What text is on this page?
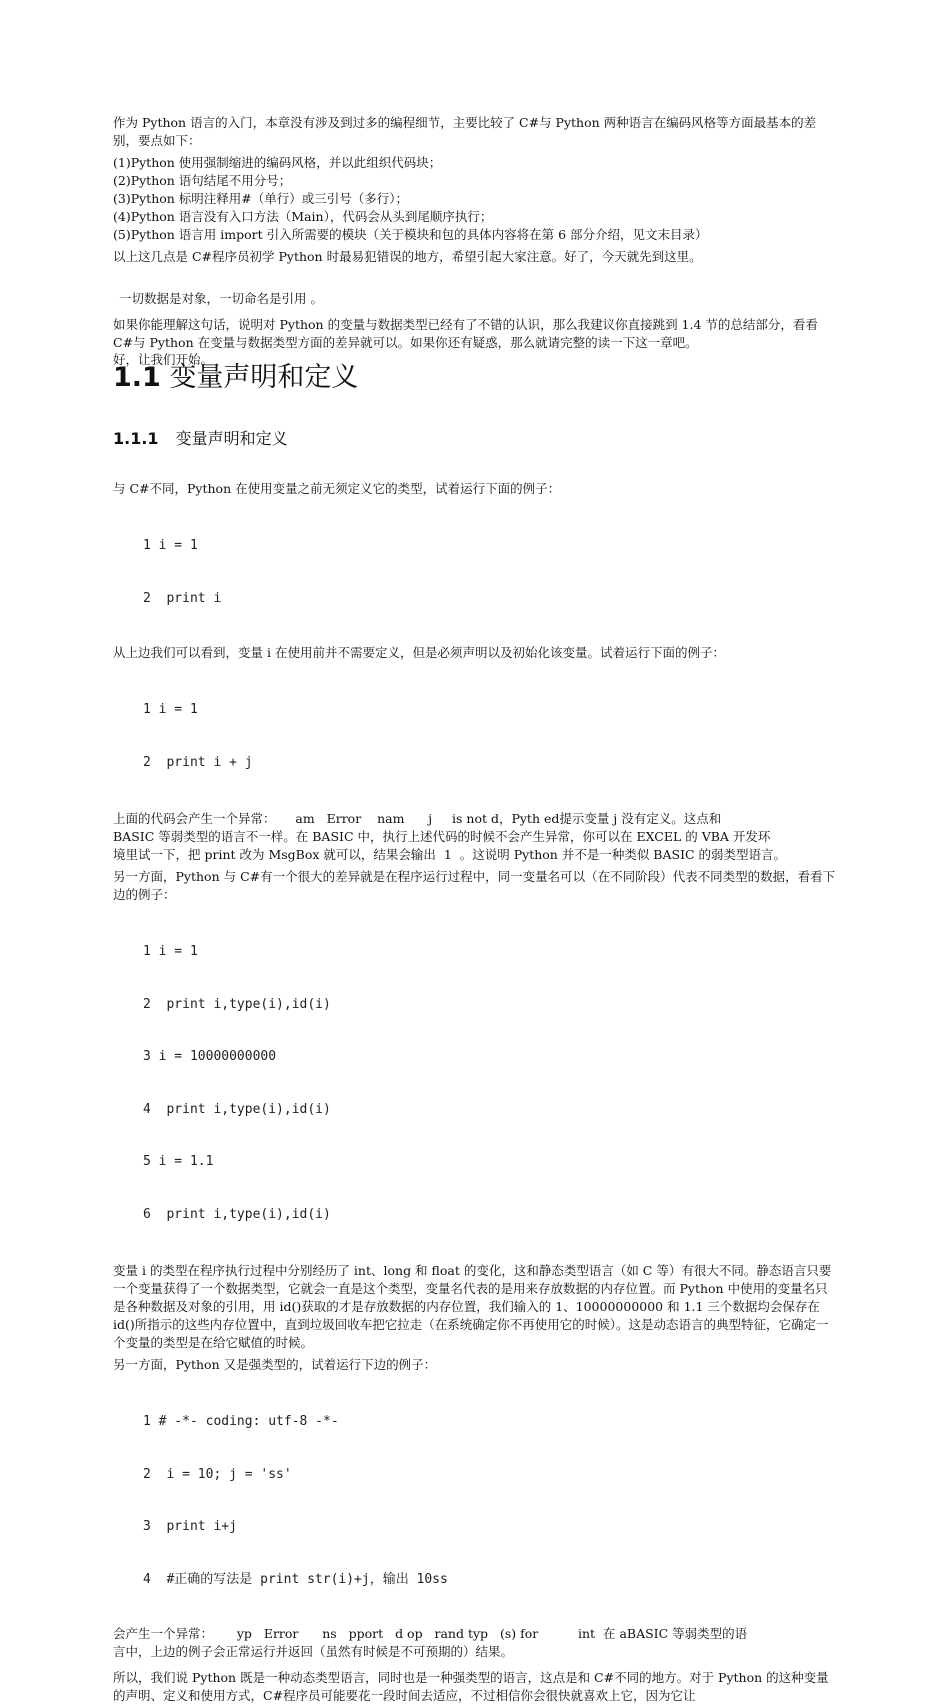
作为 Python 语言的入门，本章没有涉及到过多的编程细节，主要比较了 C#与 Python 两种语言在编码风格等方面最基本的差别，要点如下：

(1)Python 使用强制缩进的编码风格，并以此组织代码块；

(2)Python 语句结尾不用分号；

(3)Python 标明注释用#（单行）或三引号（多行）；

(4)Python 语言没有入口方法（Main），代码会从头到尾顺序执行；

(5)Python 语言用 import 引入所需要的模块（关于模块和包的具体内容将在第 6 部分介绍，见文末目录）

以上这几点是 C#程序员初学 Python 时最易犯错误的地方，希望引起大家注意。好了，今天就先到这里。

一切数据是对象，一切命名是引用 。

如果你能理解这句话，说明对 Python 的变量与数据类型已经有了不错的认识，那么我建议你直接跳到 1.4 节的总结部分，看看 C#与 Python 在变量与数据类型方面的差异就可以。如果你还有疑惑，那么就请完整的读一下这一章吧。

好，让我们开始。

1.1 变量声明和定义
1.1.1 变量声明和定义

与 C#不同，Python 在使用变量之前无须定义它的类型，试着运行下面的例子：

1 i = 1

2  print i

从上边我们可以看到，变量 i 在使用前并不需要定义，但是必须声明以及初始化该变量。试着运行下面的例子：

1 i = 1

2  print i + j

上面的代码会产生一个异常：     am   Error    nam      j     is not d，Pyth ed提示变量 j 没有定义。这点和

BASIC 等弱类型的语言不一样。在 BASIC 中，执行上述代码的时候不会产生异常，你可以在 EXCEL 的 VBA 开发环

境里试一下，把 print 改为 MsgBox 就可以，结果会输出  1  。这说明 Python 并不是一种类似 BASIC 的弱类型语言。

另一方面，Python 与 C#有一个很大的差异就是在程序运行过程中，同一变量名可以（在不同阶段）代表不同类型的数据，看看下边的例子：

1 i = 1

2  print i,type(i),id(i)

3 i = 10000000000

4  print i,type(i),id(i)

5 i = 1.1

6  print i,type(i),id(i)

变量 i 的类型在程序执行过程中分别经历了 int、long 和 float 的变化，这和静态类型语言（如 C 等）有很大不同。静态语言只要一个变量获得了一个数据类型，它就会一直是这个类型，变量名代表的是用来存放数据的内存位置。而 Python 中使用的变量名只是各种数据及对象的引用，用 id()获取的才是存放数据的内存位置，我们输入的 1、10000000000 和 1.1 三个数据均会保存在 id()所指示的这些内存位置中，直到垃圾回收车把它拉走（在系统确定你不再使用它的时候）。这是动态语言的典型特征，它确定一个变量的类型是在给它赋值的时候。

另一方面，Python 又是强类型的，试着运行下边的例子：

1 # -*- coding: utf-8 -*-

2  i = 10; j = 'ss'

3  print i+j

4  #正确的写法是 print str(i)+j，输出 10ss

会产生一个异常：      yp   Error      ns   pport   d op   rand typ   (s) for          int  在 aBASIC 等弱类型的语

言中，上边的例子会正常运行并返回（虽然有时候是不可预期的）结果。

所以，我们说 Python 既是一种动态类型语言，同时也是一种强类型的语言，这点是和 C#不同的地方。对于 Python 的这种变量的声明、定义和使用方式，C#程序员可能要花一段时间去适应，不过相信你会很快就喜欢上它，因为它让
